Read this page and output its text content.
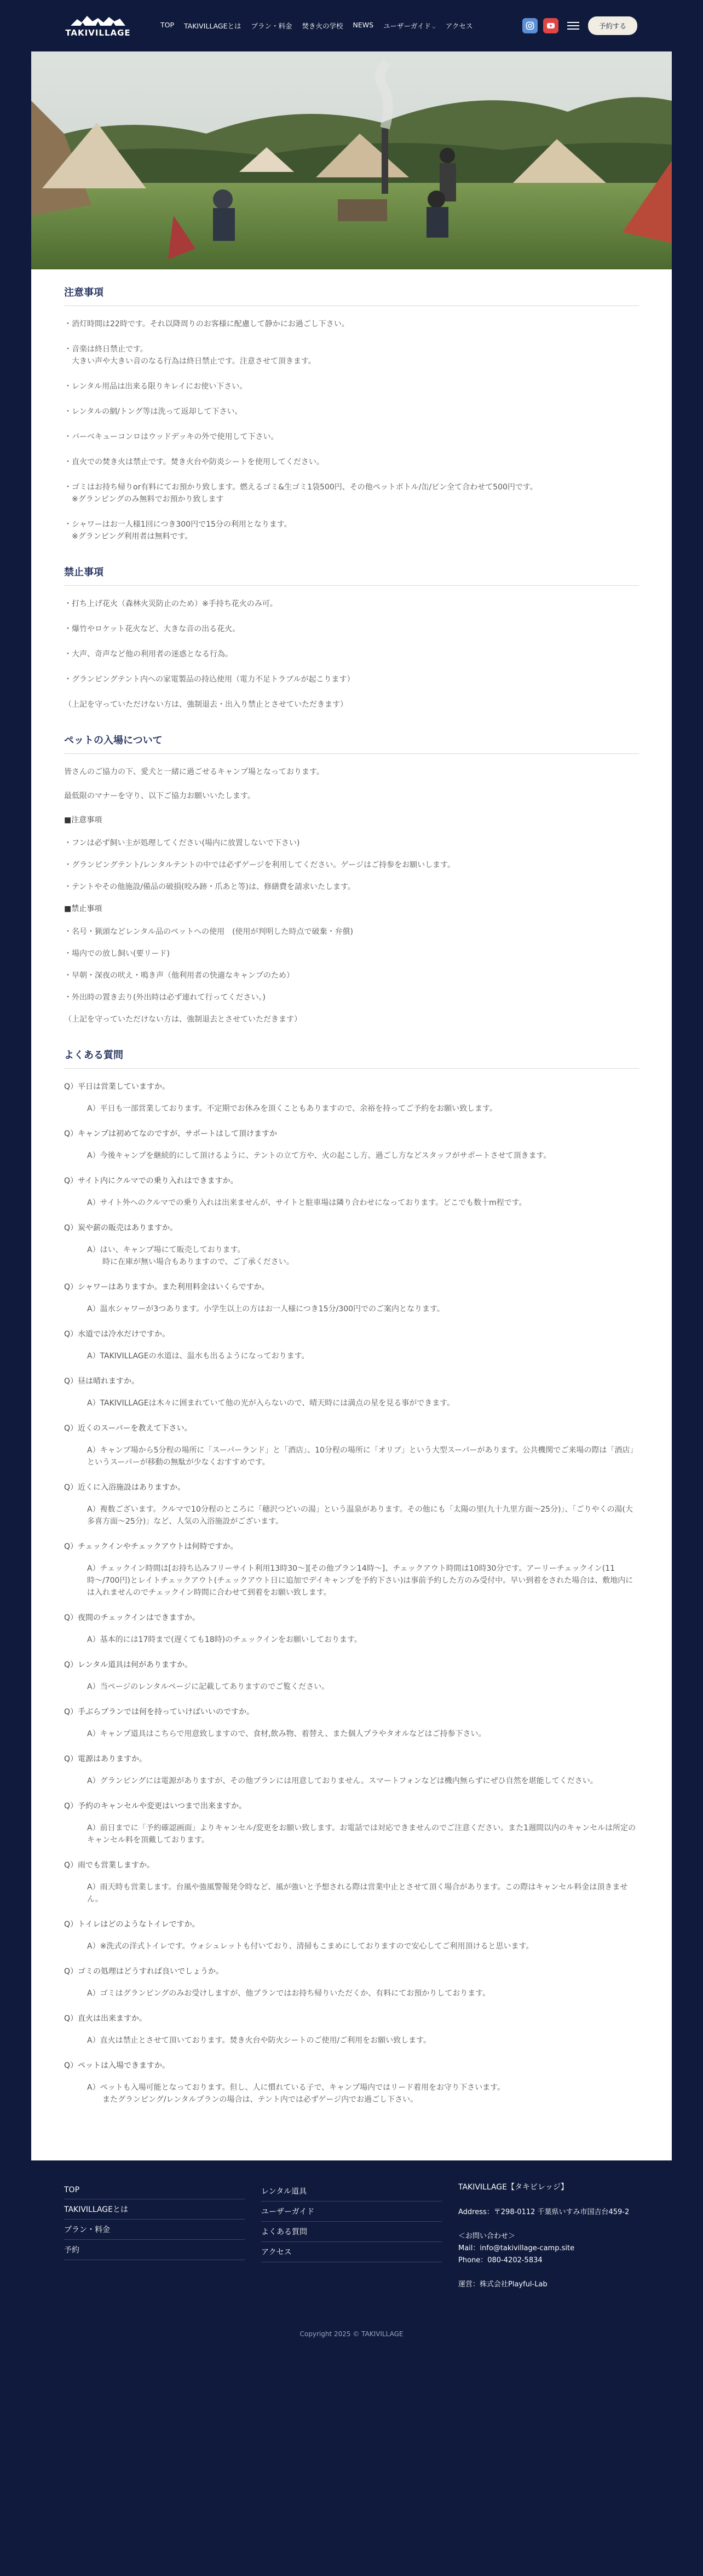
TAKIVILLAGE
TOP	TAKIVILLAGEとは	プラン・料金	焚き火の学校	NEWS	ユーザーガイド ⌵	アクセス	予約する
注意事項
・消灯時間は22時です。それ以降周りのお客様に配慮して静かにお過ごし下さい。
・音楽は終日禁止です。
　大きい声や大きい音のなる行為は終日禁止です。注意させて頂きます。
・レンタル用品は出来る限りキレイにお使い下さい。
・レンタルの網/トング等は洗って返却して下さい。
・バーベキューコンロはウッドデッキの外で使用して下さい。
・直火での焚き火は禁止です。焚き火台や防炎シートを使用してください。
・ゴミはお持ち帰りor有料にてお預かり致します。燃えるゴミ&生ゴミ1袋500円、その他ペットボトル/缶/ビン全て合わせて500円です。
　※グランピングのみ無料でお預かり致します
・シャワーはお一人様1回につき300円で15分の利用となります。
　※グランピング利用者は無料です。
禁止事項
・打ち上げ花火（森林火災防止のため）※手持ち花火のみ可。
・爆竹やロケット花火など、大きな音の出る花火。
・大声、奇声など他の利用者の迷惑となる行為。
・グランピングテント内への家電製品の持込使用（電力不足トラブルが起こります）
（上記を守っていただけない方は、強制退去・出入り禁止とさせていただきます）
ペットの入場について
皆さんのご協力の下、愛犬と一緒に過ごせるキャンプ場となっております。
最低限のマナーを守り、以下ご協力お願いいたします。
■注意事項
・フンは必ず飼い主が処理してください(場内に放置しないで下さい)
・グランピングテント/レンタルテントの中では必ずゲージを利用してください。ゲージはご持参をお願いします。
・テントやその他施設/備品の破損(咬み跡・爪あと等)は、修繕費を請求いたします。
■禁止事項
・名号・猟頭などレンタル品のペットへの使用　(使用が判明した時点で破棄・弁償)
・場内での放し飼い(要リード)
・早朝・深夜の吠え・鳴き声（他利用者の快適なキャンプのため）
・外出時の置き去り(外出時は必ず連れて行ってください。)
（上記を守っていただけない方は、強制退去とさせていただきます）
よくある質問
Q）平日は営業していますか。
A）平日も一部営業しております。不定期でお休みを頂くこともありますので、余裕を持ってご予約をお願い致します。
Q）キャンプは初めてなのですが、サポートはして頂けますか
A）今後キャンプを継続的にして頂けるように、テントの立て方や、火の起こし方、過ごし方などスタッフがサポートさせて頂きます。
Q）サイト内にクルマでの乗り入れはできますか。
A）サイト外へのクルマでの乗り入れは出来ませんが、サイトと駐車場は隣り合わせになっております。どこでも数十m程です。
Q）炭や薪の販売はありますか。
A）はい、キャンプ場にて販売しております。
　　時に在庫が無い場合もありますので、ご了承ください。
Q）シャワーはありますか。また利用料金はいくらですか。
A）温水シャワーが3つあります。小学生以上の方はお一人様につき15分/300円でのご案内となります。
Q）水道では冷水だけですか。
A）TAKIVILLAGEの水道は、温水も出るようになっております。
Q）昼は晴れますか。
A）TAKIVILLAGEは木々に囲まれていて他の光が入らないので、晴天時には満点の星を見る事ができます。
Q）近くのスーパーを教えて下さい。
A）キャンプ場から5分程の場所に「スーパーランド」と「酒店」、10分程の場所に「オリブ」という大型スーパーがあります。公共機関でご来場の際は「酒店」というスーパーが移動の無駄が少なくおすすめです。
Q）近くに入浴施設はありますか。
A）複数ございます。クルマで10分程のところに「穂沢つどいの湯」という温泉があります。その他にも「太陽の里(九十九里方面〜25分)」、「ごりやくの湯(大多喜方面〜25分)」など、人気の入浴施設がございます。
Q）チェックインやチェックアウトは何時ですか。
A）チェックイン時間は[お持ち込みフリーサイト利用13時30〜][その他プラン14時〜]、チェックアウト時間は10時30分です。アーリーチェックイン(11時〜/700円)とレイトチェックアウト(チェックアウト日に追加でデイキャンプを予約下さい)は事前予約した方のみ受付中。早い到着をされた場合は、敷地内には入れませんのでチェックイン時間に合わせて到着をお願い致します。
Q）夜間のチェックインはできますか。
A）基本的には17時まで(遅くても18時)のチェックインをお願いしております。
Q）レンタル道具は何がありますか。
A）当ページのレンタルページに記載してありますのでご覧ください。
Q）手ぶらプランでは何を持っていけばいいのですか。
A）キャンプ道具はこちらで用意致しますので、食材,飲み物、着替え、また個人プラやタオルなどはご持参下さい。
Q）電源はありますか。
A）グランピングには電源がありますが、その他プランには用意しておりません。スマートフォンなどは機内無らずにぜひ自然を堪能してください。
Q）予約のキャンセルや変更はいつまで出来ますか。
A）前日までに「予約確認画面」よりキャンセル/変更をお願い致します。お電話では対応できませんのでご注意ください。また1週間以内のキャンセルは所定のキャンセル料を頂戴しております。
Q）雨でも営業しますか。
A）雨天時も営業します。台風や強風警報発令時など、風が強いと予想される際は営業中止とさせて頂く場合があります。この際はキャンセル料金は頂きません。
Q）トイレはどのようなトイレですか。
A）※洗式の洋式トイレです。ウォシュレットも付いており、清掃もこまめにしておりますので安心してご利用頂けると思います。
Q）ゴミの処理はどうすれば良いでしょうか。
A）ゴミはグランピングのみお受けしますが、他プランではお持ち帰りいただくか、有料にてお預かりしております。
Q）直火は出来ますか。
A）直火は禁止とさせて頂いております。焚き火台や防火シートのご使用/ご利用をお願い致します。
Q）ペットは入場できますか。
A）ペットも入場可能となっております。但し、人に慣れている子で、キャンプ場内ではリード着用をお守り下さいます。
　　またグランピング/レンタルプランの場合は、テント内では必ずゲージ内でお過ごし下さい。
TOP
TAKIVILLAGEとは
プラン・料金
予約
レンタル道具
ユーザーガイド
よくある質問
アクセス
TAKIVILLAGE【タキビレッジ】
Address：〒298-0112 千葉県いすみ市国吉台459-2
＜お問い合わせ＞
Mail：info@takivillage-camp.site
Phone：080-4202-5834
運営：株式会社Playful-Lab
Copyright 2025 © TAKIVILLAGE
